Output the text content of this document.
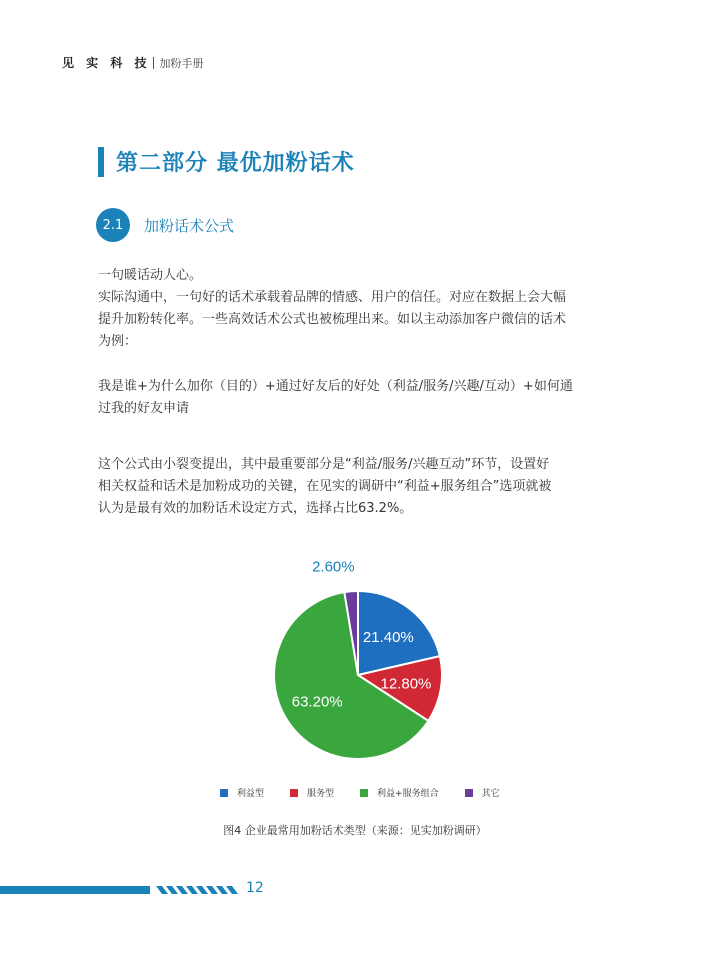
见 实 科 技 加粉手册
第二部分 最优加粉话术
2.1	加粉话术公式
一句暖话动人心。
实际沟通中，一句好的话术承载着品牌的情感、用户的信任。对应在数据上会大幅
提升加粉转化率。一些高效话术公式也被梳理出来。如以主动添加客户微信的话术
为例：
我是谁+为什么加你（目的）+通过好友后的好处（利益/服务/兴趣/互动）+如何通
过我的好友申请
这个公式由小裂变提出，其中最重要部分是“利益/服务/兴趣互动”环节，设置好
相关权益和话术是加粉成功的关键，在见实的调研中“利益+服务组合”选项就被
认为是最有效的加粉话术设定方式，选择占比63.2%。
21.40%
12.80%
63.20%
2.60%
利益型	服务型	利益+服务组合	其它
图4 企业最常用加粉话术类型（来源：见实加粉调研）
12
